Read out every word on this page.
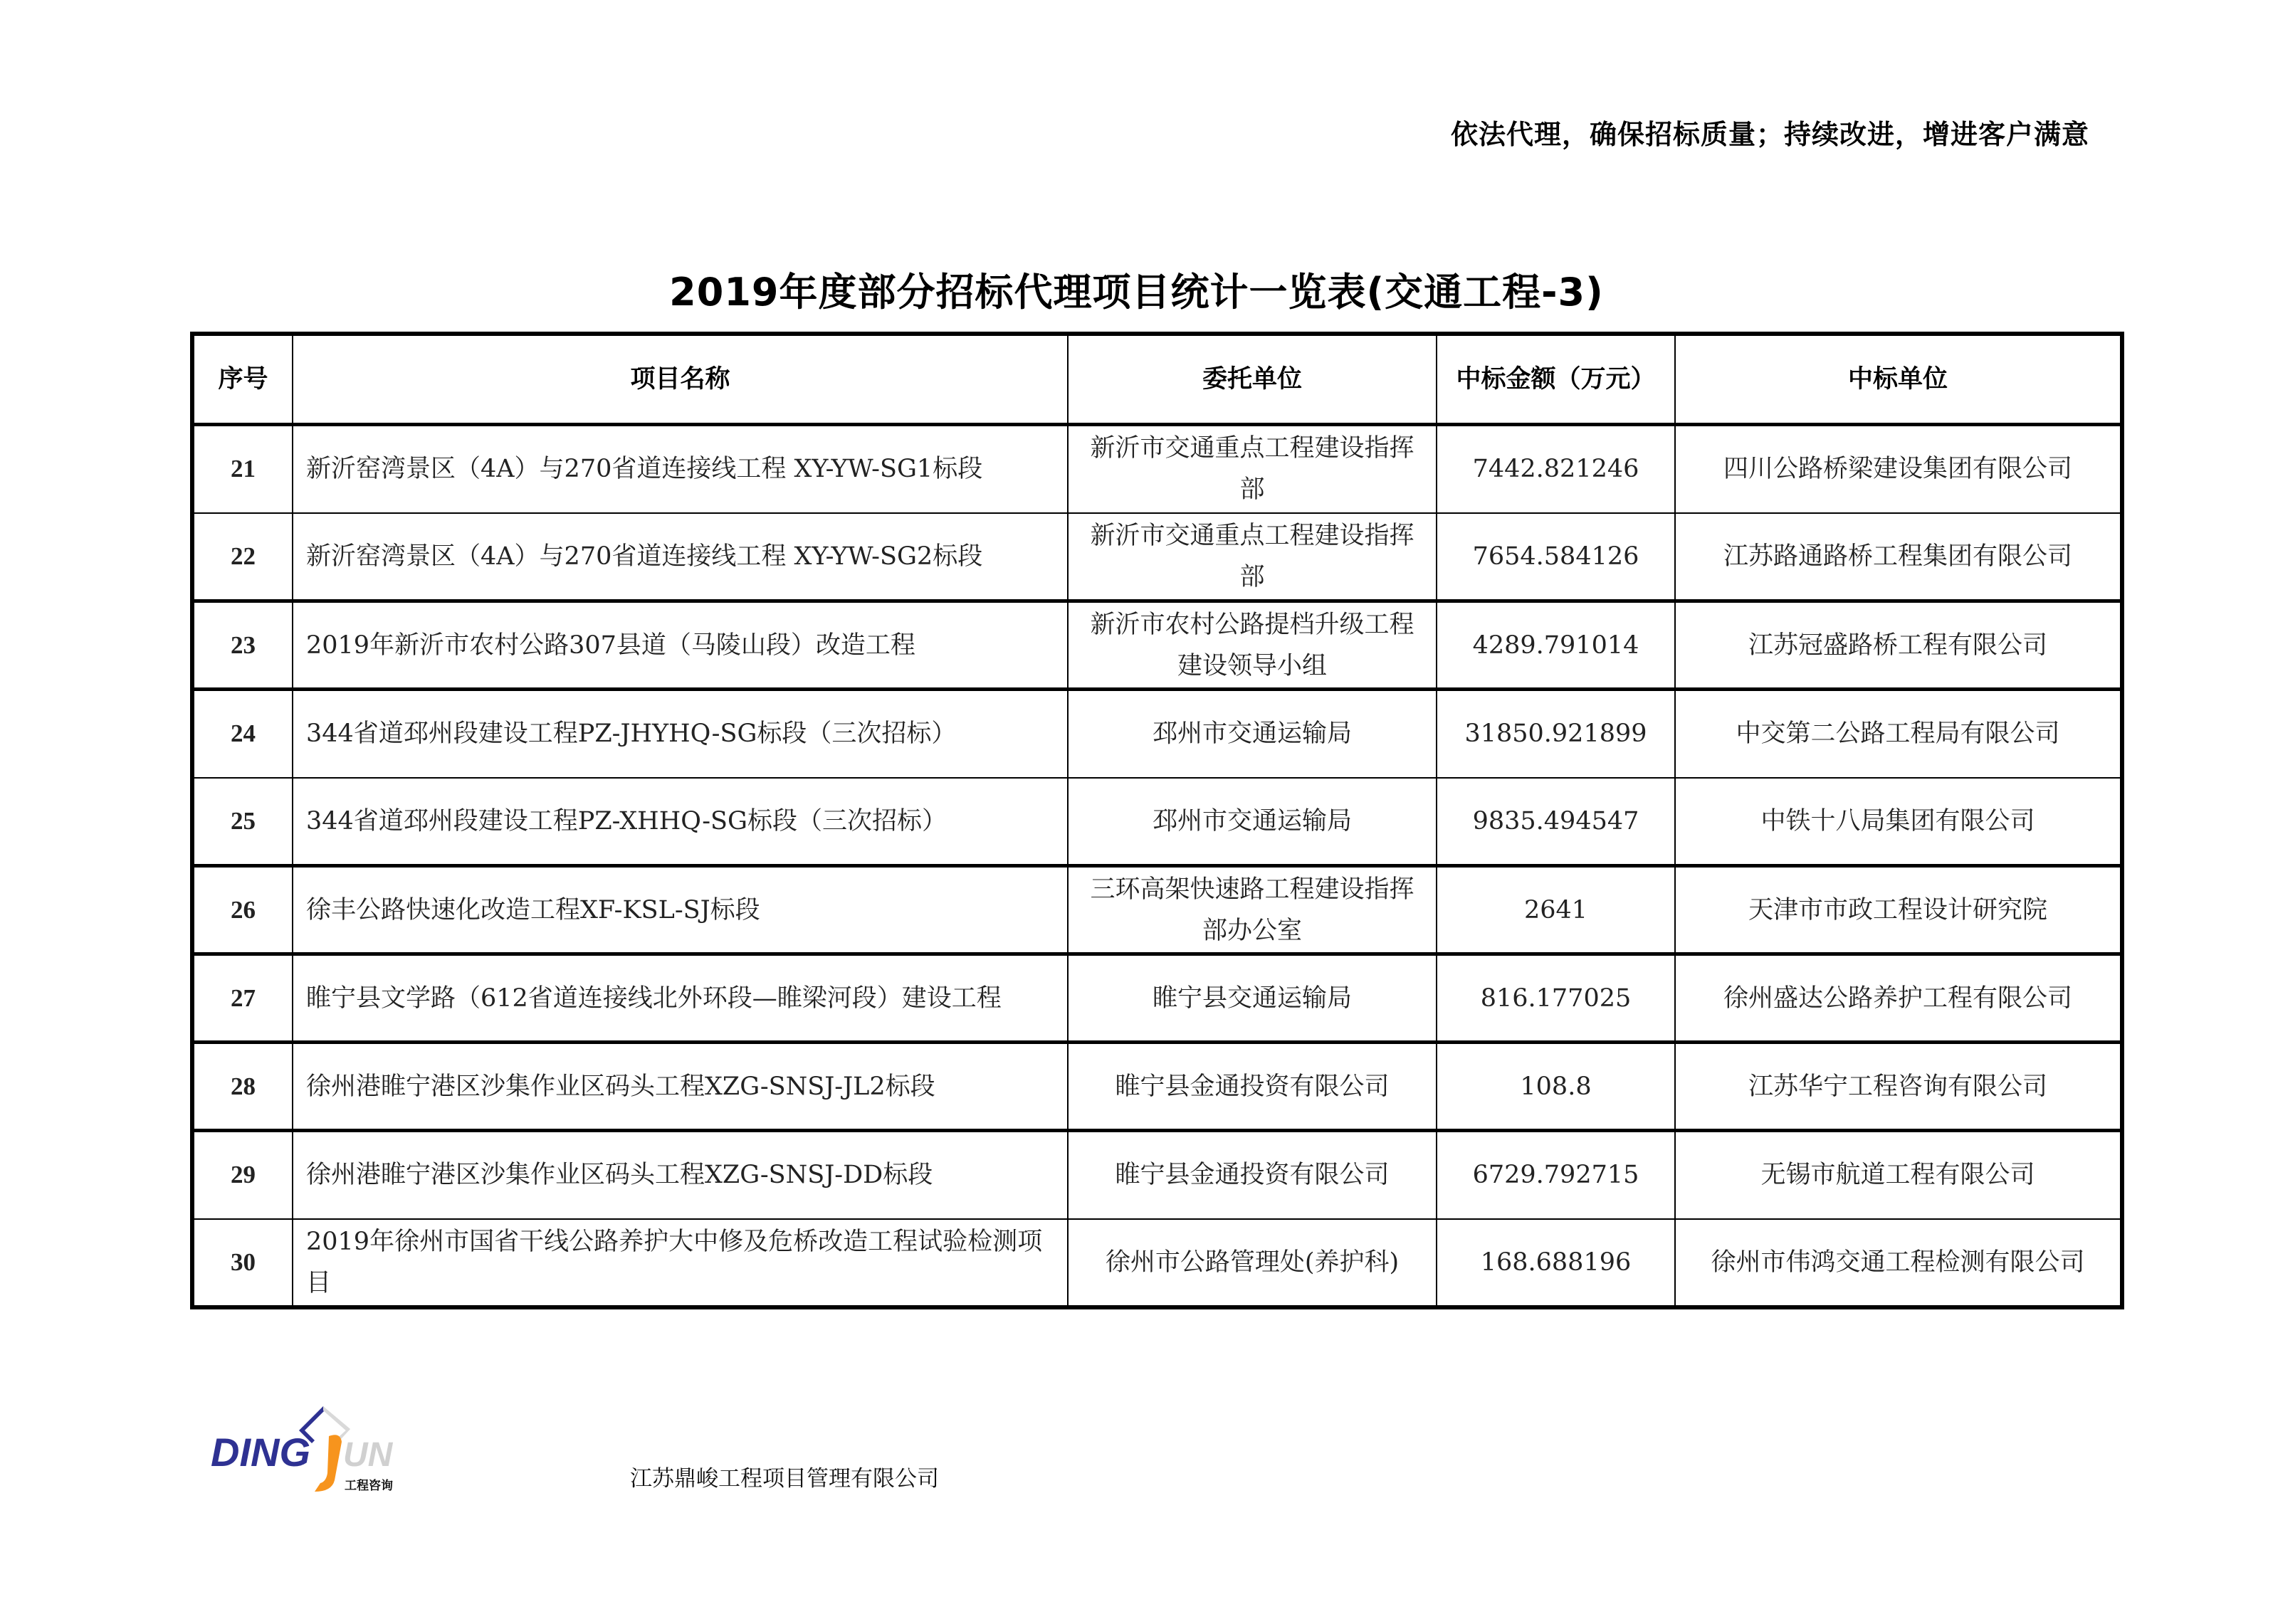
依法代理，确保招标质量；持续改进，增进客户满意
2019年度部分招标代理项目统计一览表(交通工程-3)
序号	项目名称	委托单位	中标金额（万元）	中标单位
21	新沂窑湾景区（4A）与270省道连接线工程 XY-YW-SG1标段	新沂市交通重点工程建设指挥部	7442.821246	四川公路桥梁建设集团有限公司
22	新沂窑湾景区（4A）与270省道连接线工程 XY-YW-SG2标段	新沂市交通重点工程建设指挥部	7654.584126	江苏路通路桥工程集团有限公司
23	2019年新沂市农村公路307县道（马陵山段）改造工程	新沂市农村公路提档升级工程建设领导小组	4289.791014	江苏冠盛路桥工程有限公司
24	344省道邳州段建设工程PZ-JHYHQ-SG标段（三次招标）	邳州市交通运输局	31850.921899	中交第二公路工程局有限公司
25	344省道邳州段建设工程PZ-XHHQ-SG标段（三次招标）	邳州市交通运输局	9835.494547	中铁十八局集团有限公司
26	徐丰公路快速化改造工程XF-KSL-SJ标段	三环高架快速路工程建设指挥部办公室	2641	天津市市政工程设计研究院
27	睢宁县文学路（612省道连接线北外环段—睢梁河段）建设工程	睢宁县交通运输局	816.177025	徐州盛达公路养护工程有限公司
28	徐州港睢宁港区沙集作业区码头工程XZG-SNSJ-JL2标段	睢宁县金通投资有限公司	108.8	江苏华宁工程咨询有限公司
29	徐州港睢宁港区沙集作业区码头工程XZG-SNSJ-DD标段	睢宁县金通投资有限公司	6729.792715	无锡市航道工程有限公司
30	2019年徐州市国省干线公路养护大中修及危桥改造工程试验检测项目	徐州市公路管理处(养护科)	168.688196	徐州市伟鸿交通工程检测有限公司
DING UN
工程咨询	江苏鼎峻工程项目管理有限公司
